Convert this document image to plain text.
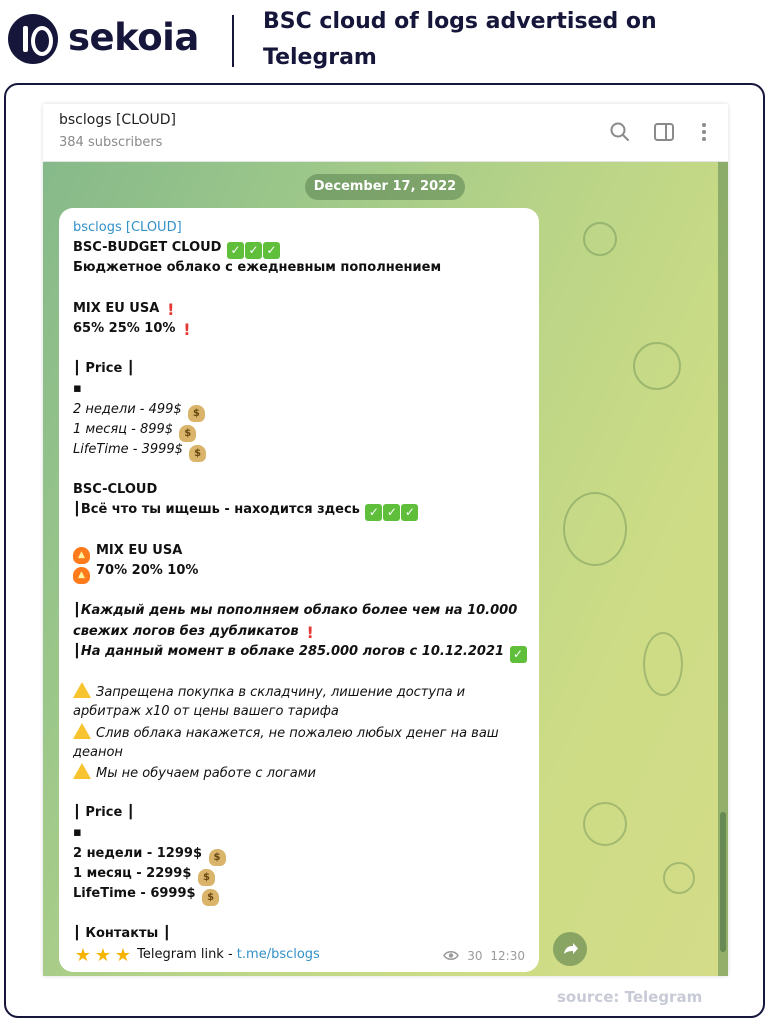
sekoia	BSC cloud of logs advertised on Telegram
bsclogs [CLOUD]
384 subscribers
December 17, 2022
bsclogs [CLOUD]
BSC-BUDGET CLOUD ✓ ✓ ✓
Бюджетное облако с ежедневным пополнением
MIX EU USA !
65% 25% 10% !
┃ Price ┃
▪
2 недели - 499$ $
1 месяц - 899$ $
LifeTime - 3999$ $
BSC-CLOUD
┃Всё что ты ищешь - находится здесь ✓ ✓ ✓
▲ MIX EU USA
▲ 70% 20% 10%
┃Каждый день мы пополняем облако более чем на 10.000
свежих логов без дубликатов !
┃На данный момент в облаке 285.000 логов с 10.12.2021 ✓
Запрещена покупка в складчину, лишение доступа и
арбитраж x10 от цены вашего тарифа
Слив облака накажется, не пожалею любых денег на ваш
деанон
Мы не обучаем работе с логами
┃ Price ┃
▪
2 недели - 1299$ $
1 месяц - 2299$ $
LifeTime - 6999$ $
┃ Контакты ┃
★ ★ ★ Telegram link - t.me/bsclogs	30 12:30
source: Telegram
